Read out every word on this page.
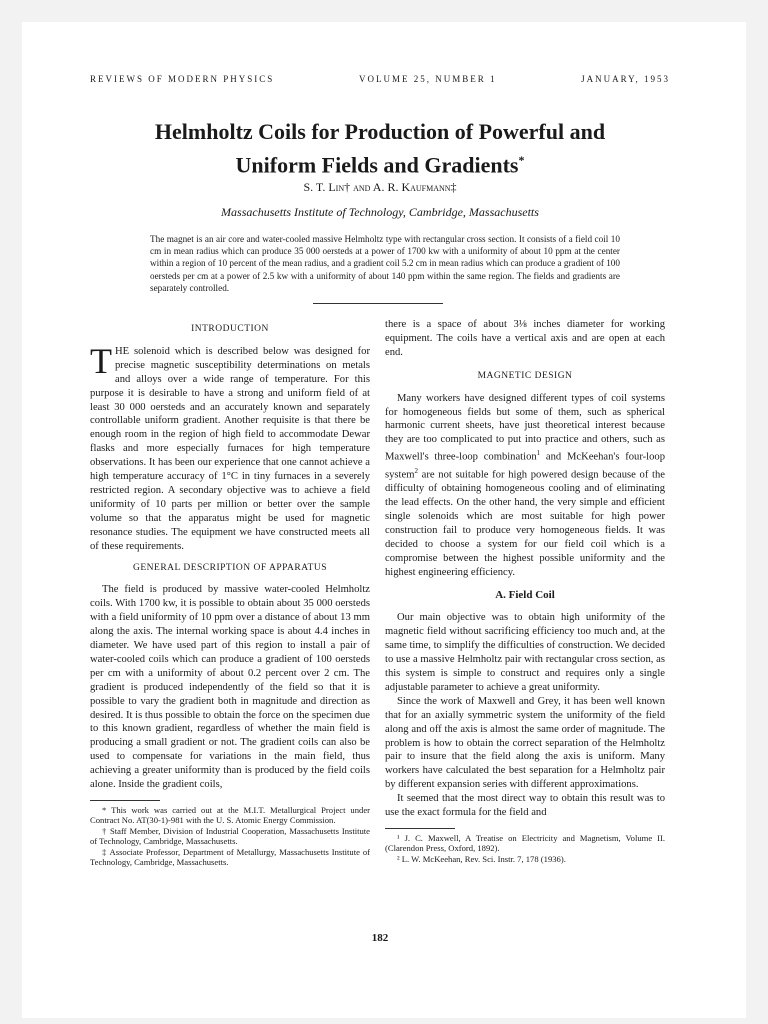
REVIEWS OF MODERN PHYSICS	VOLUME 25, NUMBER 1	JANUARY, 1953
Helmholtz Coils for Production of Powerful and
Uniform Fields and Gradients*
S. T. Lin† and A. R. Kaufmann‡
Massachusetts Institute of Technology, Cambridge, Massachusetts
The magnet is an air core and water-cooled massive Helmholtz type with rectangular cross section. It consists of a field coil 10 cm in mean radius which can produce 35 000 oersteds at a power of 1700 kw with a uniformity of about 10 ppm at the center within a region of 10 percent of the mean radius, and a gradient coil 5.2 cm in mean radius which can produce a gradient of 100 oersteds per cm at a power of 2.5 kw with a uniformity of about 140 ppm within the same region. The fields and gradients are separately controlled.
INTRODUCTION

THE solenoid which is described below was designed for precise magnetic susceptibility determinations on metals and alloys over a wide range of temperature. For this purpose it is desirable to have a strong and uniform field of at least 30 000 oersteds and an accurately known and separately controllable uniform gradient. Another requisite is that there be enough room in the region of high field to accommodate Dewar flasks and more especially furnaces for high temperature observations. It has been our experience that one cannot achieve a high temperature accuracy of 1°C in tiny furnaces in a severely restricted region. A secondary objective was to achieve a field uniformity of 10 parts per million or better over the sample volume so that the apparatus might be used for magnetic resonance studies. The equipment we have constructed meets all of these requirements.

GENERAL DESCRIPTION OF APPARATUS

The field is produced by massive water-cooled Helmholtz coils. With 1700 kw, it is possible to obtain about 35 000 oersteds with a field uniformity of 10 ppm over a distance of about 13 mm along the axis. The internal working space is about 4.4 inches in diameter. We have used part of this region to install a pair of water-cooled coils which can produce a gradient of 100 oersteds per cm with a uniformity of about 0.2 percent over 2 cm. The gradient is produced independently of the field so that it is possible to vary the gradient both in magnitude and direction as desired. It is thus possible to obtain the force on the specimen due to this known gradient, regardless of whether the main field is producing a small gradient or not. The gradient coils can also be used to compensate for variations in the main field, thus achieving a greater uniformity than is produced by the field coils alone. Inside the gradient coils,

* This work was carried out at the M.I.T. Metallurgical Project under Contract No. AT(30-1)-981 with the U. S. Atomic Energy Commission.

† Staff Member, Division of Industrial Cooperation, Massachusetts Institute of Technology, Cambridge, Massachusetts.

‡ Associate Professor, Department of Metallurgy, Massachusetts Institute of Technology, Cambridge, Massachusetts.

there is a space of about 3⅛ inches diameter for working equipment. The coils have a vertical axis and are open at each end.

MAGNETIC DESIGN

Many workers have designed different types of coil systems for homogeneous fields but some of them, such as spherical harmonic current sheets, have just theoretical interest because they are too complicated to put into practice and others, such as Maxwell's three-loop combination$^1$ and McKeehan's four-loop system$^2$ are not suitable for high powered design because of the difficulty of obtaining homogeneous cooling and of eliminating the lead effects. On the other hand, the very simple and efficient single solenoids which are most suitable for high power construction fail to produce very homogeneous fields. It was decided to choose a system for our field coil which is a compromise between the highest possible uniformity and the highest engineering efficiency.

A. Field Coil

Our main objective was to obtain high uniformity of the magnetic field without sacrificing efficiency too much and, at the same time, to simplify the difficulties of construction. We decided to use a massive Helmholtz pair with rectangular cross section, as this system is simple to construct and requires only a single adjustable parameter to achieve a great uniformity.

Since the work of Maxwell and Grey, it has been well known that for an axially symmetric system the uniformity of the field along and off the axis is almost the same order of magnitude. The problem is how to obtain the correct separation of the Helmholtz pair to insure that the field along the axis is uniform. Many workers have calculated the best separation for a Helmholtz pair by different expansion series with different approximations.

It seemed that the most direct way to obtain this result was to use the exact formula for the field and

¹ J. C. Maxwell, A Treatise on Electricity and Magnetism, Volume II. (Clarendon Press, Oxford, 1892).

² L. W. McKeehan, Rev. Sci. Instr. 7, 178 (1936).

182
